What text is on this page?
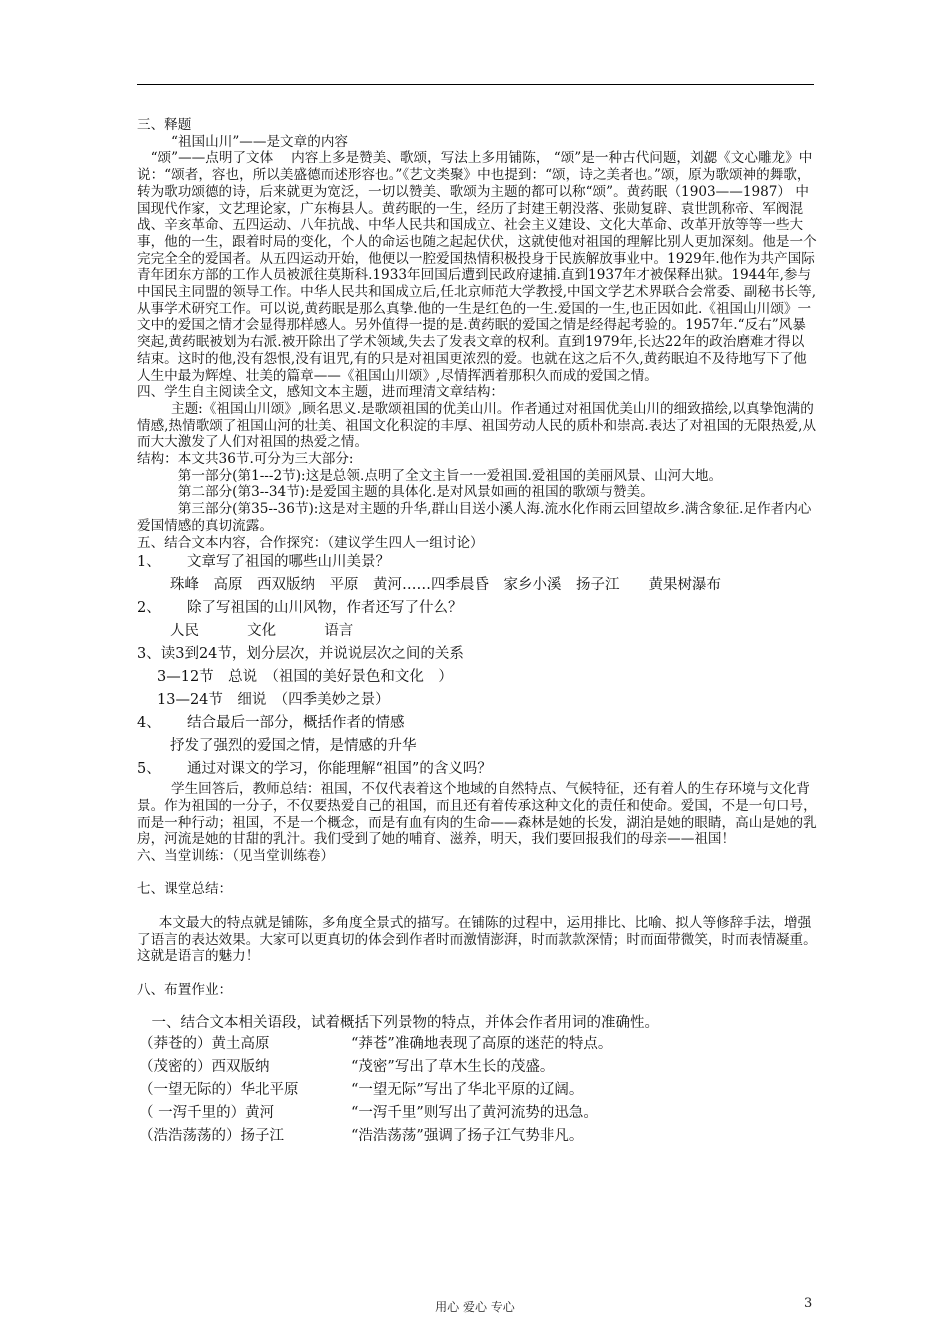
三、释题

“祖国山川”——是文章的内容

“颂”——点明了文体　 内容上多是赞美、歌颂，写法上多用铺陈， “颂”是一种古代问题，刘勰《文心雕龙》中说：“颂者，容也，所以美盛德而述形容也。”《艺文类聚》中也提到：“颂，诗之美者也。”颂，原为歌颂神的舞歌，转为歌功颂德的诗，后来就更为宽泛，一切以赞美、歌颂为主题的都可以称“颂”。黄药眠（1903——1987） 中国现代作家，文艺理论家，广东梅县人。黄药眠的一生，经历了封建王朝没落、张勋复辟、袁世凯称帝、军阀混战、辛亥革命、五四运动、八年抗战、中华人民共和国成立、社会主义建设、文化大革命、改革开放等等一些大事，他的一生，跟着时局的变化，个人的命运也随之起起伏伏，这就使他对祖国的理解比别人更加深刻。他是一个完完全全的爱国者。从五四运动开始，他便以一腔爱国热情积极投身于民族解放事业中。1929年.他作为共产国际青年团东方部的工作人员被派往莫斯科.1933年回国后遭到民政府逮捕.直到1937年才被保释出狱。1944年,参与中国民主同盟的领导工作。中华人民共和国成立后,任北京师范大学教授,中国文学艺术界联合会常委、副秘书长等,从事学术研究工作。可以说,黄药眠是那么真挚.他的一生是红色的一生.爱国的一生,也正因如此.《祖国山川颂》一文中的爱国之情才会显得那样感人。另外值得一提的是.黄药眠的爱国之情是经得起考验的。1957年.“反右”风暴突起,黄药眠被划为右派.被开除出了学术领域,失去了发表文章的权利。直到1979年,长达22年的政治磨难才得以结束。这时的他,没有怨恨,没有诅咒,有的只是对祖国更浓烈的爱。也就在这之后不久,黄药眠迫不及待地写下了他人生中最为辉煌、壮美的篇章——《祖国山川颂》,尽情挥洒着那积久而成的爱国之情。

四、学生自主阅读全文，感知文本主题，进而理清文章结构：

主题:《祖国山川颂》,顾名思义.是歌颂祖国的优美山川。作者通过对祖国优美山川的细致描绘,以真挚饱满的情感,热情歌颂了祖国山河的壮美、祖国文化积淀的丰厚、祖国劳动人民的质朴和崇高.表达了对祖国的无限热爱,从而大大激发了人们对祖国的热爱之情。

结构：本文共36节.可分为三大部分:

第一部分(第1---2节):这是总领.点明了全文主旨一一爱祖国.爱祖国的美丽风景、山河大地。

第二部分(第3--34节):是爱国主题的具体化.是对风景如画的祖国的歌颂与赞美。

第三部分(第35--36节):这是对主题的升华,群山目送小溪人海.流水化作雨云回望故乡.满含象征.足作者内心爱国情感的真切流露。

五、结合文本内容，合作探究：（建议学生四人一组讨论）

1、 文章写了祖国的哪些山川美景？

珠峰　高原　西双版纳　平原　黄河……四季晨昏　家乡小溪　扬子江　　黄果树瀑布

2、 除了写祖国的山川风物，作者还写了什么？

人民　　　 文化　　　 语言

3、读3到24节，划分层次，并说说层次之间的关系

3—12节　总说　（祖国的美好景色和文化　）

13—24节　细说　（四季美妙之景）

4、 结合最后一部分，概括作者的情感

抒发了强烈的爱国之情，是情感的升华

5、 通过对课文的学习，你能理解“祖国”的含义吗？

学生回答后，教师总结：祖国，不仅代表着这个地域的自然特点、气候特征，还有着人的生存环境与文化背景。作为祖国的一分子，不仅要热爱自己的祖国，而且还有着传承这种文化的责任和使命。爱国，不是一句口号，而是一种行动；祖国，不是一个概念，而是有血有肉的生命——森林是她的长发，湖泊是她的眼睛，高山是她的乳房，河流是她的甘甜的乳汁。我们受到了她的哺育、滋养，明天，我们要回报我们的母亲——祖国！

六、当堂训练：（见当堂训练卷）

七、课堂总结：

本文最大的特点就是铺陈，多角度全景式的描写。在铺陈的过程中，运用排比、比喻、拟人等修辞手法，增强了语言的表达效果。大家可以更真切的体会到作者时而激情澎湃，时而款款深情；时而面带微笑，时而表情凝重。这就是语言的魅力！

八、布置作业：

一、结合文本相关语段，试着概括下列景物的特点，并体会作者用词的准确性。

（莽苍的）黄土高原	“莽苍”准确地表现了高原的迷茫的特点。
（茂密的）西双版纳	“茂密”写出了草木生长的茂盛。
（一望无际的）华北平原	“一望无际”写出了华北平原的辽阔。
（ 一泻千里的）黄河	“一泻千里”则写出了黄河流势的迅急。
（浩浩荡荡的）扬子江	“浩浩荡荡”强调了扬子江气势非凡。
用心 爱心 专心	3
